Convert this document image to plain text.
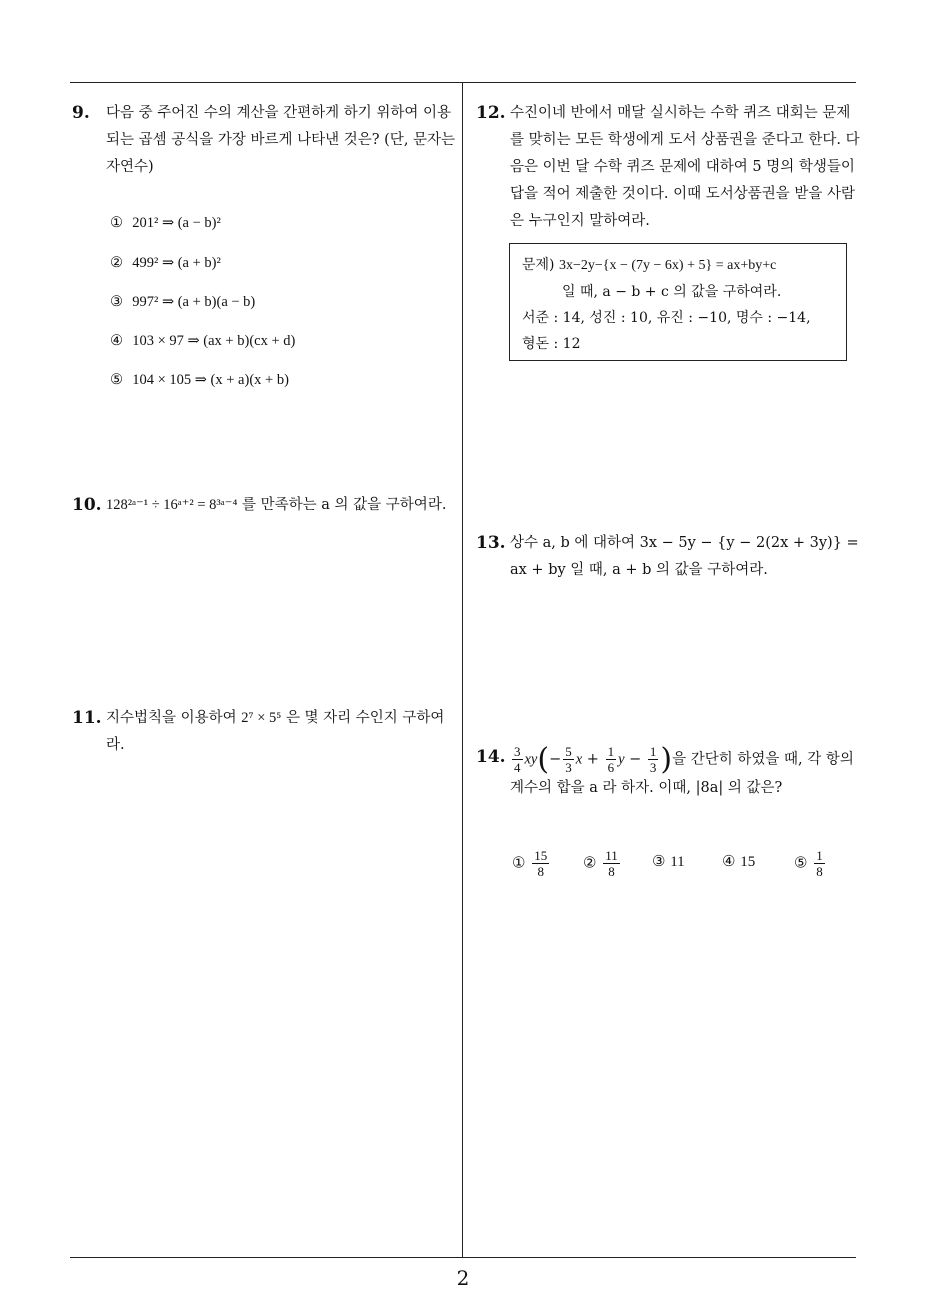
2
9. 다음 중 주어진 수의 계산을 간편하게 하기 위하여 이용되는 곱셈 공식을 가장 바르게 나타낸 것은? (단, 문자는 자연수)
① 201² ⇒ (a − b)²
② 499² ⇒ (a + b)²
③ 997² ⇒ (a + b)(a − b)
④ 103 × 97 ⇒ (ax + b)(cx + d)
⑤ 104 × 105 ⇒ (x + a)(x + b)
10. 128²ᵃ⁻¹ ÷ 16ᵃ⁺² = 8³ᵃ⁻⁴ 를 만족하는 a 의 값을 구하여라.
11. 지수법칙을 이용하여 2⁷ × 5⁵ 은 몇 자리 수인지 구하여라.
12. 수진이네 반에서 매달 실시하는 수학 퀴즈 대회는 문제를 맞히는 모든 학생에게 도서 상품권을 준다고 한다. 다음은 이번 달 수학 퀴즈 문제에 대하여 5 명의 학생들이 답을 적어 제출한 것이다. 이때 도서상품권을 받을 사람은 누구인지 말하여라.
문제) 3x−2y−{x − (7y − 6x) + 5} = ax+by+c
일 때, a − b + c 의 값을 구하여라.
서준 : 14, 성진 : 10, 유진 : −10, 명수 : −14,
형돈 : 12
13. 상수 a, b 에 대하여 3x − 5y − {y − 2(2x + 3y)} =
ax + by 일 때, a + b 의 값을 구하여라.
14. $\frac{3}{4} xy(- \frac{5}{3}$ $x + \frac{1}{6}$ $y - \frac{1}{3}$ )을 간단히 하였을 때, 각 항의
계수의 합을 a 라 하자. 이때, |8a| 의 값은?
① $\frac{15}{8}$ ② $\frac{11}{8}$ ③ 11 ④ 15	⑤ $\frac{1}{8}$
